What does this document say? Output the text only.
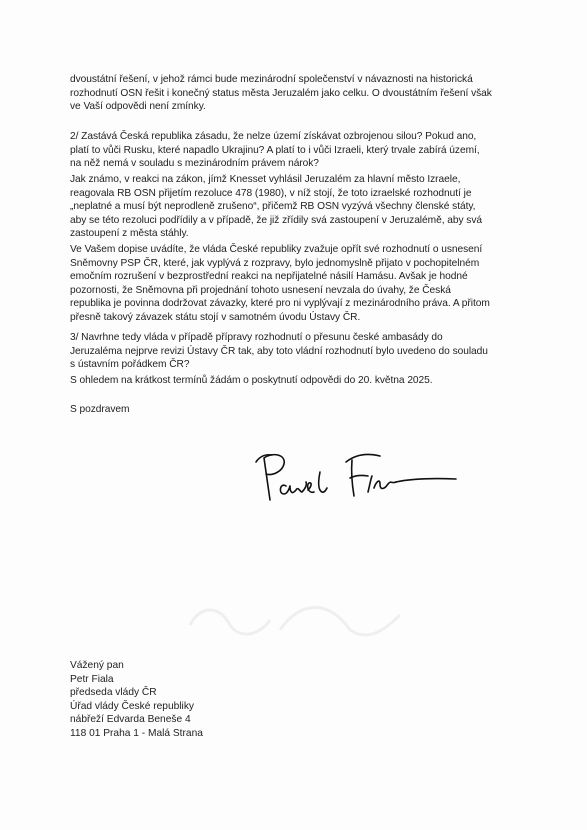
dvoustátní řešení, v jehož rámci bude mezinárodní společenství v návaznosti na historická
rozhodnutí OSN řešit i konečný status města Jeruzalém jako celku. O dvoustátním řešení však
ve Vaší odpovědi není zmínky.
2/ Zastává Česká republika zásadu, že nelze území získávat ozbrojenou silou? Pokud ano,
platí to vůči Rusku, které napadlo Ukrajinu? A platí to i vůči Izraeli, který trvale zabírá území,
na něž nemá v souladu s mezinárodním právem nárok?
Jak známo, v reakci na zákon, jímž Knesset vyhlásil Jeruzalém za hlavní město Izraele,
reagovala RB OSN přijetím rezoluce 478 (1980), v níž stojí, že toto izraelské rozhodnutí je
„neplatné a musí být neprodleně zrušeno“, přičemž RB OSN vyzývá všechny členské státy,
aby se této rezoluci podřídily a v případě, že již zřídily svá zastoupení v Jeruzalémě, aby svá
zastoupení z města stáhly.
Ve Vašem dopise uvádíte, že vláda České republiky zvažuje opřít své rozhodnutí o usnesení
Sněmovny PSP ČR, které, jak vyplývá z rozpravy, bylo jednomyslně přijato v pochopitelném
emočním rozrušení v bezprostřední reakci na nepřijatelné násilí Hamásu. Avšak je hodné
pozornosti, že Sněmovna při projednání tohoto usnesení nevzala do úvahy, že Česká
republika je povinna dodržovat závazky, které pro ni vyplývají z mezinárodního práva. A přitom
přesně takový závazek státu stojí v samotném úvodu Ústavy ČR.
3/ Navrhne tedy vláda v případě přípravy rozhodnutí o přesunu české ambasády do
Jeruzaléma nejprve revizi Ústavy ČR tak, aby toto vládní rozhodnutí bylo uvedeno do souladu
s ústavním pořádkem ČR?
S ohledem na krátkost termínů žádám o poskytnutí odpovědi do 20. května 2025.
S pozdravem
Vážený pan
Petr Fiala
předseda vlády ČR
Úřad vlády České republiky
nábřeží Edvarda Beneše 4
118 01 Praha 1 - Malá Strana
